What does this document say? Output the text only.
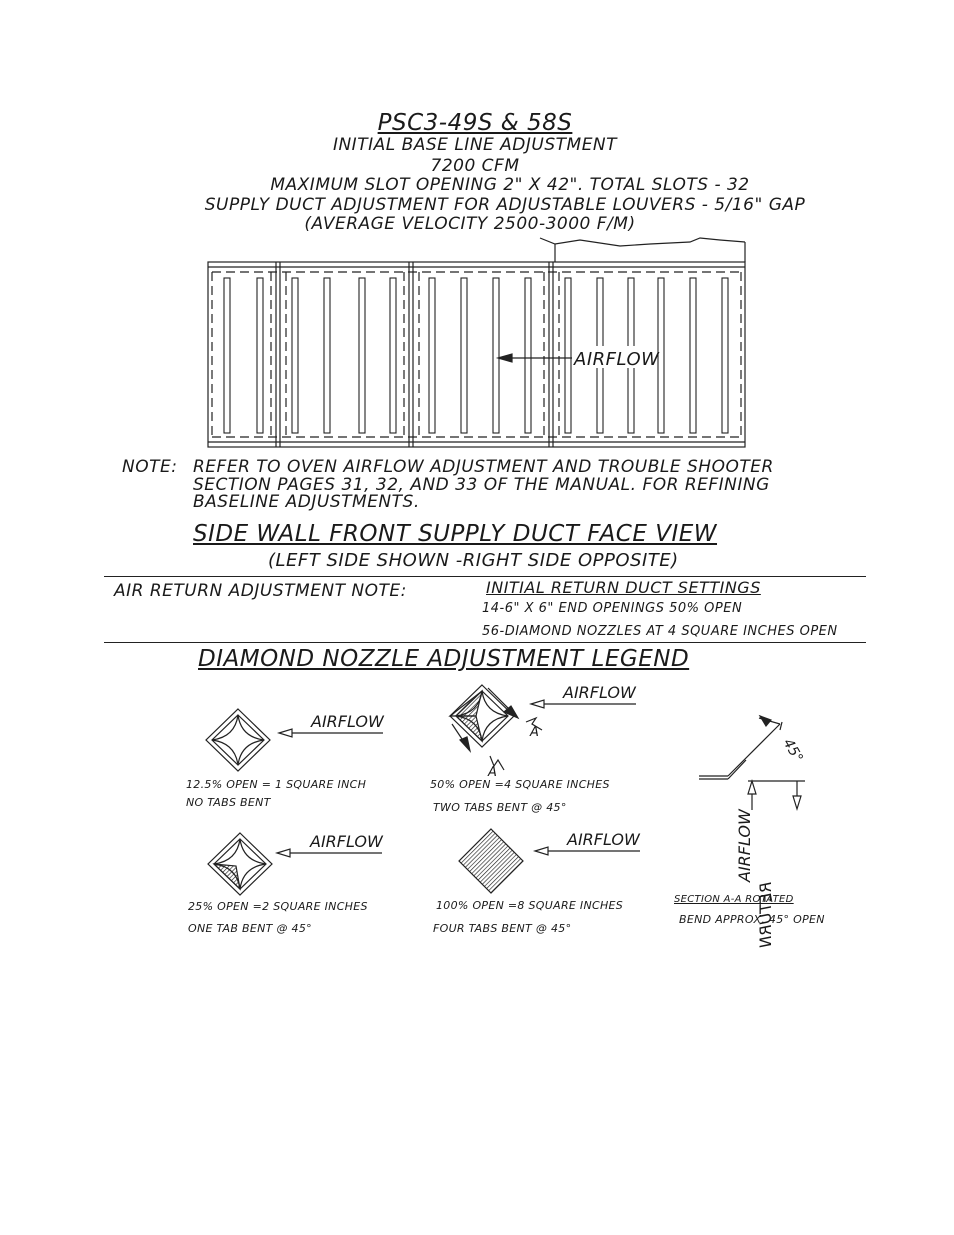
PSC3-49S & 58S
INITIAL BASE LINE ADJUSTMENT
7200 CFM
MAXIMUM SLOT OPENING 2" X 42". TOTAL SLOTS - 32
SUPPLY DUCT ADJUSTMENT FOR ADJUSTABLE LOUVERS - 5/16" GAP
(AVERAGE VELOCITY 2500-3000 F/M)
AIRFLOW
NOTE: REFER TO OVEN AIRFLOW ADJUSTMENT AND TROUBLE SHOOTER
SECTION PAGES 31, 32, AND 33 OF THE MANUAL. FOR REFINING
BASELINE ADJUSTMENTS.
SIDE WALL FRONT SUPPLY DUCT FACE VIEW
(LEFT SIDE SHOWN -RIGHT SIDE OPPOSITE)
AIR RETURN ADJUSTMENT NOTE:	INITIAL RETURN DUCT SETTINGS
14-6" X 6" END OPENINGS 50% OPEN
56-DIAMOND NOZZLES AT 4 SQUARE INCHES OPEN
DIAMOND NOZZLE ADJUSTMENT LEGEND
AIRFLOW
AIRFLOW
AIRFLOW	AIRFLOW
45°
AIRFLOW
RETURN
A
A
12.5% OPEN = 1 SQUARE INCH
NO TABS BENT
50% OPEN =4 SQUARE INCHES
TWO TABS BENT @ 45°
25% OPEN =2 SQUARE INCHES
ONE TAB BENT @ 45°
100% OPEN =8 SQUARE INCHES
FOUR TABS BENT @ 45°
SECTION A-A ROTATED
BEND APPROX. 45° OPEN
